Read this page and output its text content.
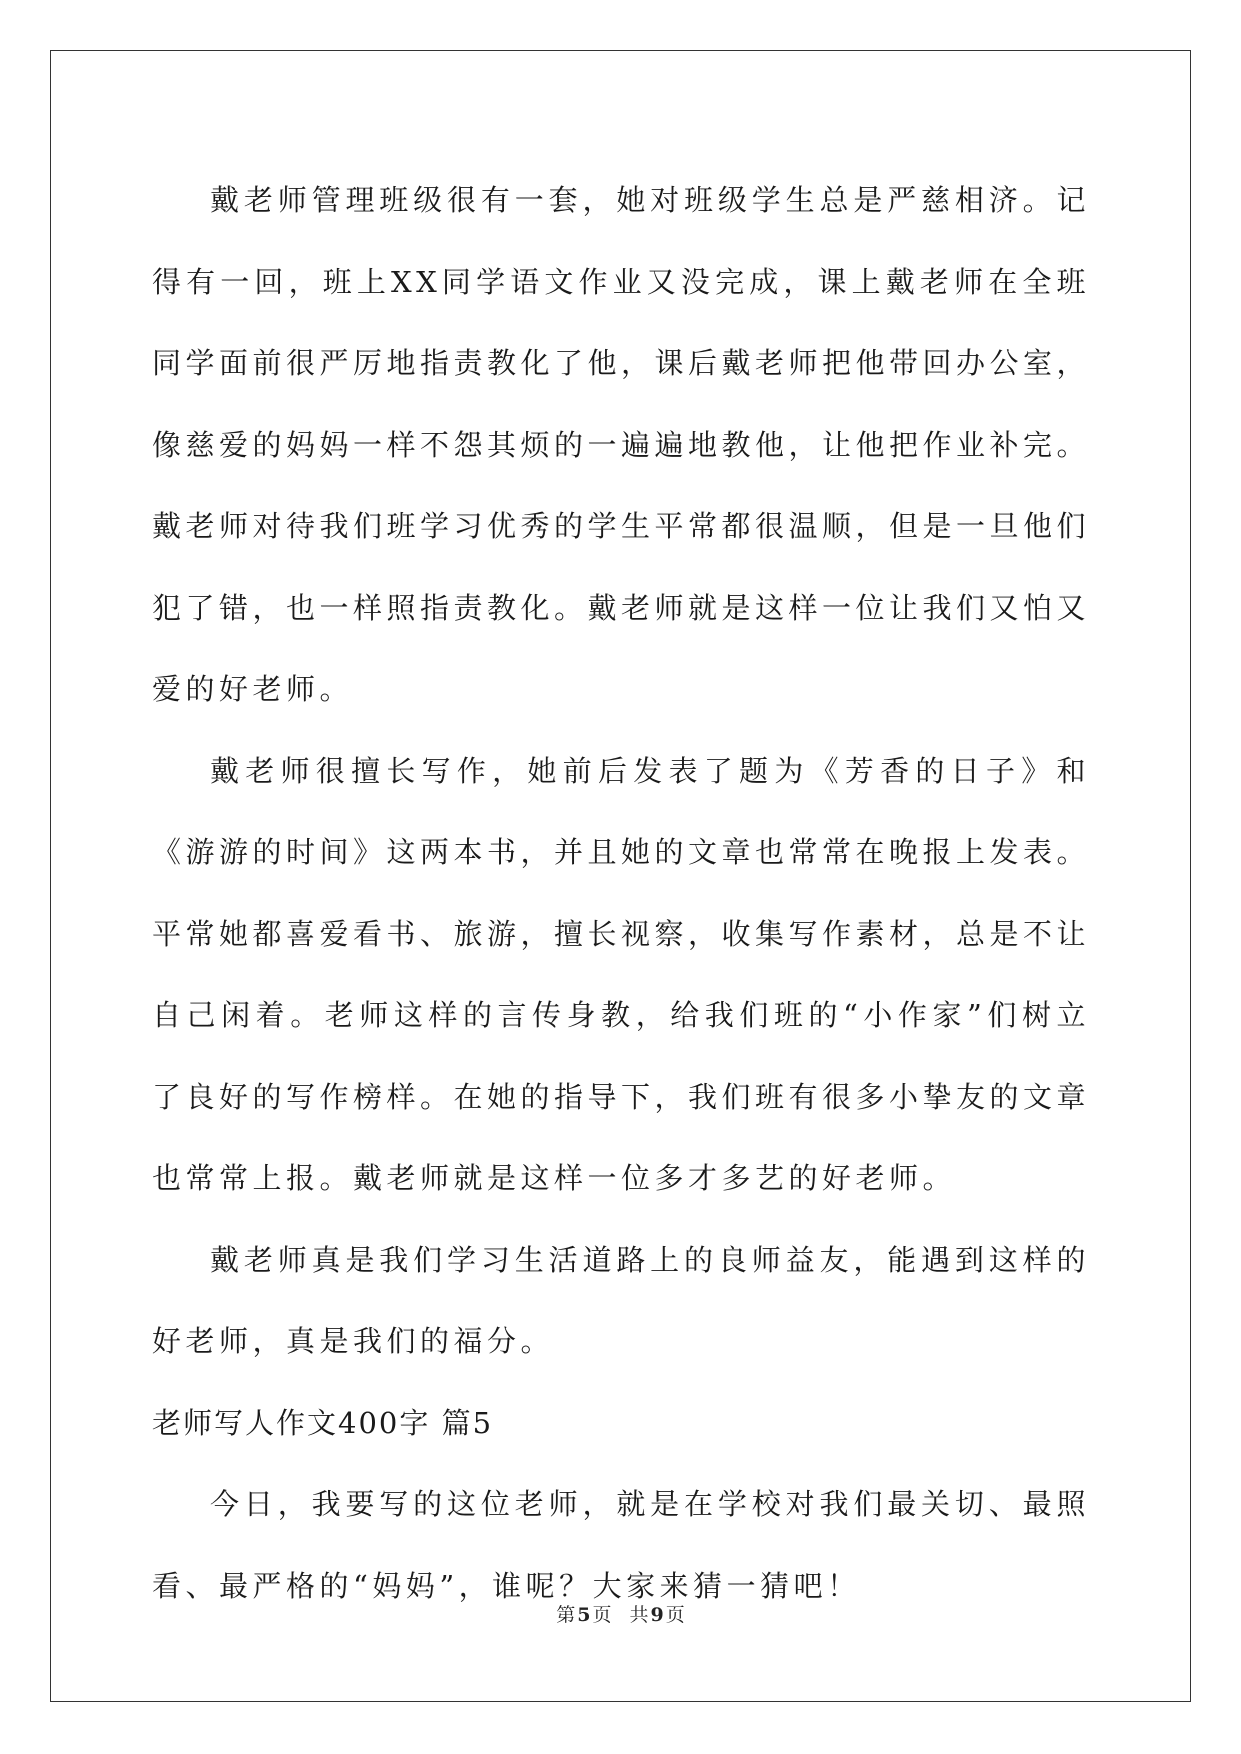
戴老师管理班级很有一套，她对班级学生总是严慈相济。记得有一回，班上XX同学语文作业又没完成，课上戴老师在全班同学面前很严厉地指责教化了他，课后戴老师把他带回办公室，像慈爱的妈妈一样不怨其烦的一遍遍地教他，让他把作业补完。戴老师对待我们班学习优秀的学生平常都很温顺，但是一旦他们犯了错，也一样照指责教化。戴老师就是这样一位让我们又怕又爱的好老师。

戴老师很擅长写作，她前后发表了题为《芳香的日子》和《游游的时间》这两本书，并且她的文章也常常在晚报上发表。平常她都喜爱看书、旅游，擅长视察，收集写作素材，总是不让自己闲着。老师这样的言传身教，给我们班的“小作家”们树立了良好的写作榜样。在她的指导下，我们班有很多小挚友的文章也常常上报。戴老师就是这样一位多才多艺的好老师。

戴老师真是我们学习生活道路上的良师益友，能遇到这样的好老师，真是我们的福分。

老师写人作文400字 篇5

今日，我要写的这位老师，就是在学校对我们最关切、最照看、最严格的“妈妈”，谁呢？大家来猜一猜吧！

第 5 页 共 9 页
